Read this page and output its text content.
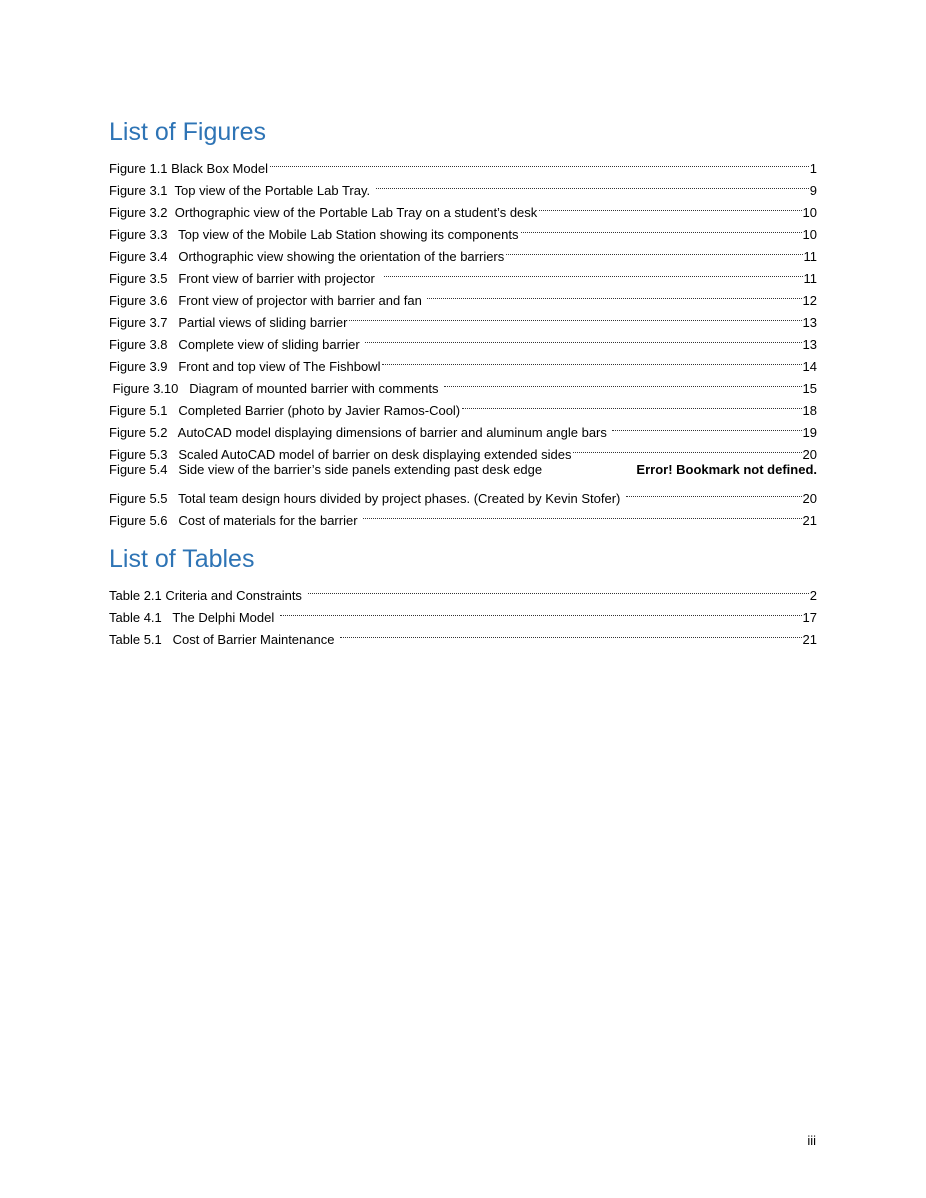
List of Figures
Figure 1.1 Black Box Model	1
Figure 3.1  Top view of the Portable Lab Tray.	9
Figure 3.2  Orthographic view of the Portable Lab Tray on a student’s desk	10
Figure 3.3   Top view of the Mobile Lab Station showing its components	10
Figure 3.4   Orthographic view showing the orientation of the barriers	11
Figure 3.5   Front view of barrier with projector	11
Figure 3.6   Front view of projector with barrier and fan	12
Figure 3.7   Partial views of sliding barrier	13
Figure 3.8   Complete view of sliding barrier	13
Figure 3.9   Front and top view of The Fishbowl	14
Figure 3.10   Diagram of mounted barrier with comments	15
Figure 5.1   Completed Barrier (photo by Javier Ramos-Cool)	18
Figure 5.2   AutoCAD model displaying dimensions of barrier and aluminum angle bars	19
Figure 5.3   Scaled AutoCAD model of barrier on desk displaying extended sides	20
Figure 5.4   Side view of the barrier’s side panels extending past desk edge	Error! Bookmark not defined.
Figure 5.5   Total team design hours divided by project phases. (Created by Kevin Stofer)	20
Figure 5.6   Cost of materials for the barrier	21
List of Tables
Table 2.1 Criteria and Constraints	2
Table 4.1   The Delphi Model	17
Table 5.1   Cost of Barrier Maintenance	21
iii
